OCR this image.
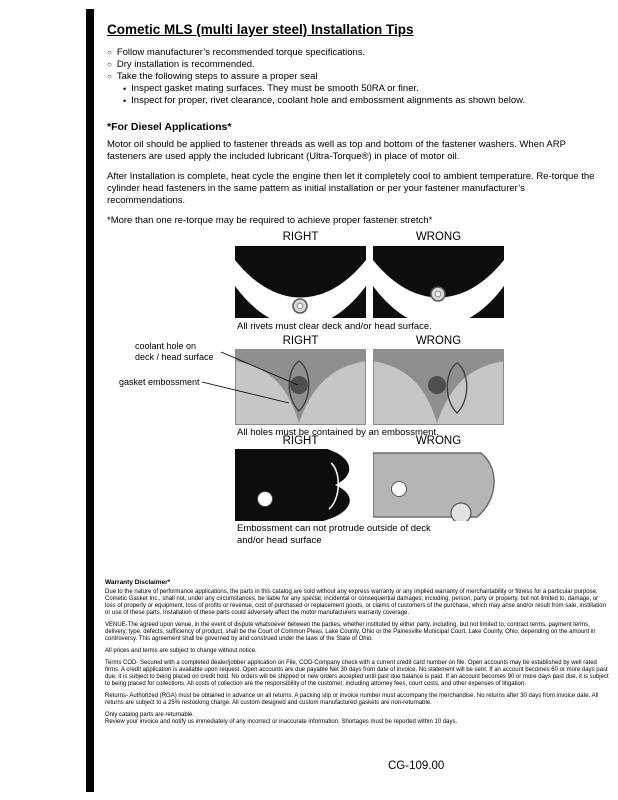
Cometic MLS (multi layer steel) Installation Tips
○ Follow manufacturer’s recommended torque specifications.
○ Dry installation is recommended.
○ Take the following steps to assure a proper seal
• Inspect gasket mating surfaces. They must be smooth 50RA or finer.
• Inspect for proper, rivet clearance, coolant hole and embossment alignments as shown below.
*For Diesel Applications*

Motor oil should be applied to fastener threads as well as top and bottom of the fastener washers. When ARP fasteners are used apply the included lubricant (Ultra-Torque®) in place of motor oil.

After Installation is complete, heat cycle the engine then let it completely cool to ambient temperature. Re-torque the cylinder head fasteners in the same pattern as initial installation or per your fastener manufacturer’s recommendations.

*More than one re-torque may be required to achieve proper fastener stretch*

RIGHT	WRONG
All rivets must clear deck and/or head surface.
RIGHT	WRONG
coolant hole on
deck / head surface
gasket embossment
All holes must be contained by an embossment.
RIGHT	WRONG
Embossment can not protrude outside of deck and/or head surface
Warranty Disclaimer*

Due to the nature of performance applications, the parts in this catalog are sold without any express warranty or any implied warranty of merchantability or fitness for a particular purpose. Cometic Gasket Inc., shall not, under any circumstances, be liable for any special, incidental or consequential damages, including, person, party or property, but not limited to, damage, or loss of property or equipment, loss of profits or revenue, cost of purchased or replacement goods, or claims of customers of the purchase, which may arise and/or result from sale, instillation or use of these parts. Installation of these parts could adversely affect the motor manufacturers warranty coverage.

VENUE-The agreed upon venue, in the event of dispute whatsoever between the parties, whether instituted by either party, including, but not limited to, contract terms, payment terms, delivery, type, defects, sufficiency of product, shall be the Court of Common Pleas, Lake County, Ohio or the Painesville Municipal Court, Lake County, Ohio, depending on the amount in controversy. This agreement shall be governed by and construed under the laws of the State of Ohio.

All prices and terms are subject to change without notice.

Terms COD- Secured with a completed dealer/jobber application on File, COD-Company check with a current credit card number on file. Open accounts may be established by well rated firms. A credit application is available upon request. Open accounts are due payable Net 30 days from date of invoice. No statement will be sent. If an account becomes 60 or more days past due, it is subject to being placed on credit hold. No orders will be shipped or new orders accepted until past due balance is paid. If an account becomes 90 or more days past due, it is subject to being placed for collections. All costs of collection are the responsibility of the customer, including attorney fees, court costs, and other expenses of litigation.

Returns- Authorized (RGA) must be obtained in advance on all returns. A packing slip or invoice number must accompany the merchandise. No returns after 30 days from invoice date. All returns are subject to a 25% restocking charge. All custom designed and custom manufactured gaskets are non-returnable.

Only catalog parts are returnable.

Review your invoice and notify us immediately of any incorrect or inaccurate information. Shortages must be reported within 10 days.

CG-109.00
